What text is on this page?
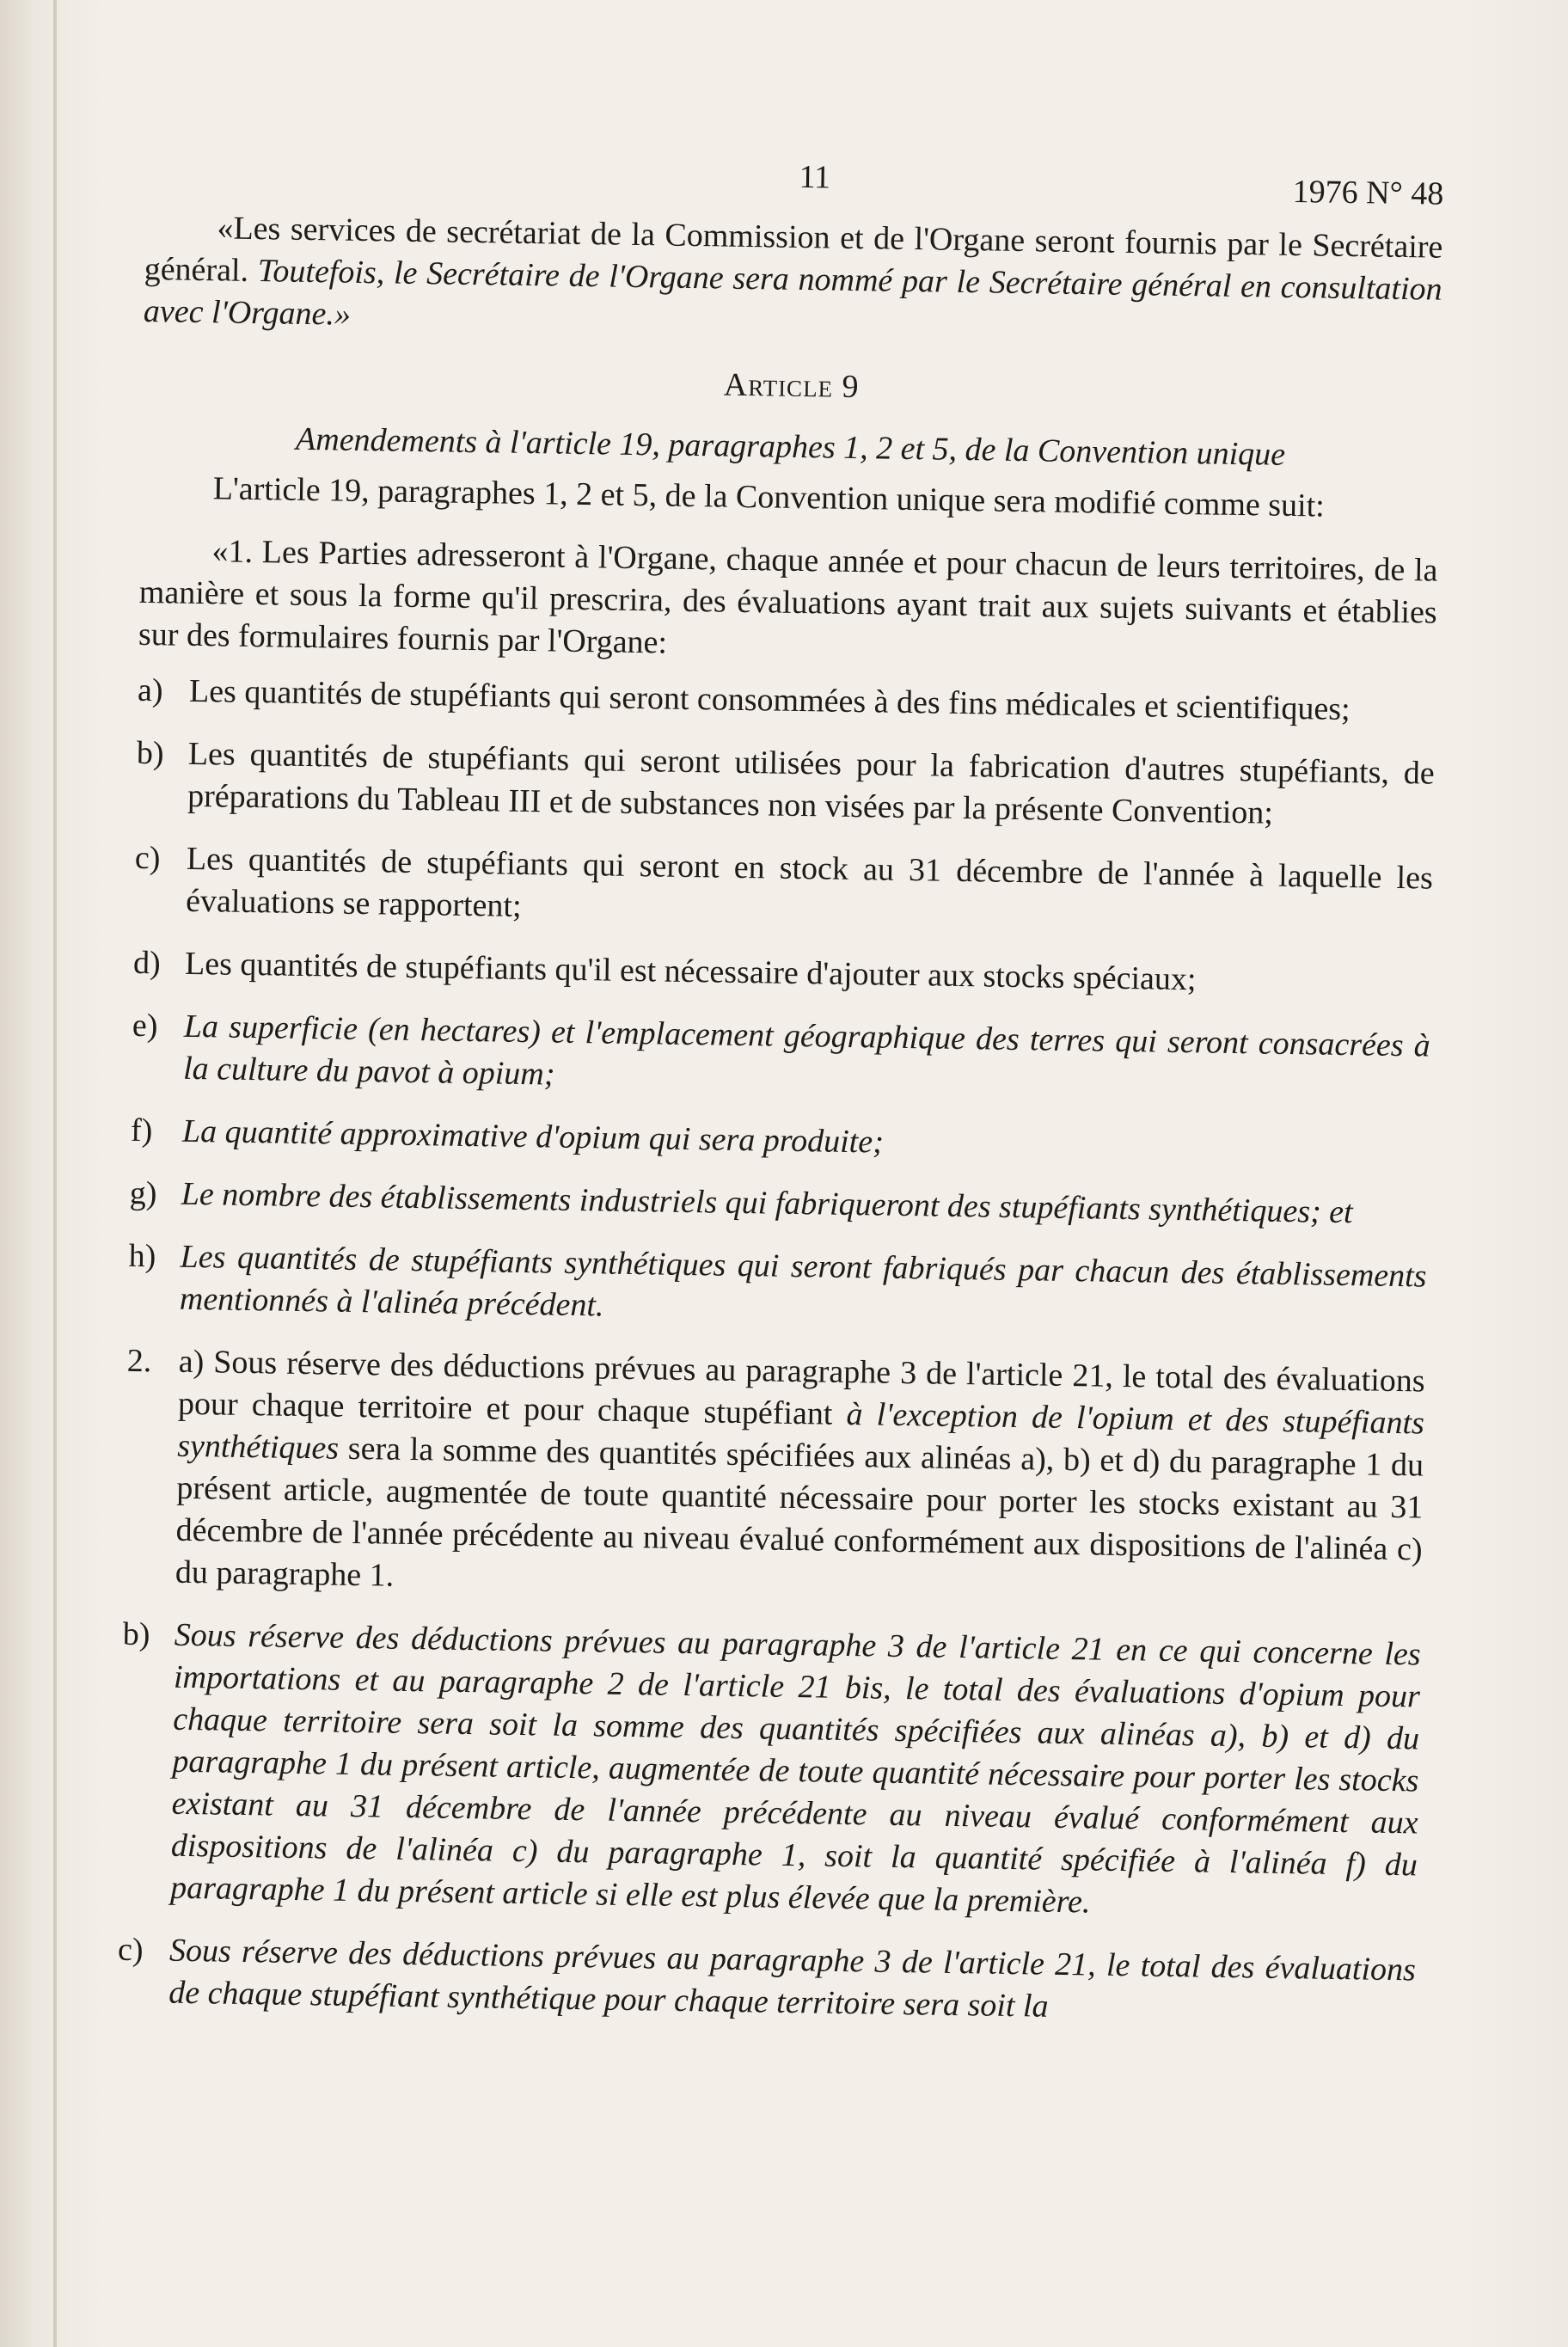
11	1976 N° 48

«Les services de secrétariat de la Commission et de l'Organe seront fournis par le Secrétaire général. Toutefois, le Secrétaire de l'Organe sera nommé par le Secrétaire général en consultation avec l'Organe.»

Article 9
Amendements à l'article 19, paragraphes 1, 2 et 5, de la Convention unique

L'article 19, paragraphes 1, 2 et 5, de la Convention unique sera modifié comme suit:

«1. Les Parties adresseront à l'Organe, chaque année et pour chacun de leurs territoires, de la manière et sous la forme qu'il prescrira, des évaluations ayant trait aux sujets suivants et établies sur des formulaires fournis par l'Organe:

a) Les quantités de stupéfiants qui seront consommées à des fins médicales et scientifiques;
b) Les quantités de stupéfiants qui seront utilisées pour la fabrication d'autres stupéfiants, de préparations du Tableau III et de substances non visées par la présente Convention;
c) Les quantités de stupéfiants qui seront en stock au 31 décembre de l'année à laquelle les évaluations se rapportent;
d) Les quantités de stupéfiants qu'il est nécessaire d'ajouter aux stocks spéciaux;
e) La superficie (en hectares) et l'emplacement géographique des terres qui seront consacrées à la culture du pavot à opium;
f) La quantité approximative d'opium qui sera produite;
g) Le nombre des établissements industriels qui fabriqueront des stupéfiants synthétiques; et
h) Les quantités de stupéfiants synthétiques qui seront fabriqués par chacun des établissements mentionnés à l'alinéa précédent.
2. a) Sous réserve des déductions prévues au paragraphe 3 de l'article 21, le total des évaluations pour chaque territoire et pour chaque stupéfiant à l'exception de l'opium et des stupéfiants synthétiques sera la somme des quantités spécifiées aux alinéas a), b) et d) du paragraphe 1 du présent article, augmentée de toute quantité nécessaire pour porter les stocks existant au 31 décembre de l'année précédente au niveau évalué conformément aux dispositions de l'alinéa c) du paragraphe 1.
b) Sous réserve des déductions prévues au paragraphe 3 de l'article 21 en ce qui concerne les importations et au paragraphe 2 de l'article 21 bis, le total des évaluations d'opium pour chaque territoire sera soit la somme des quantités spécifiées aux alinéas a), b) et d) du paragraphe 1 du présent article, augmentée de toute quantité nécessaire pour porter les stocks existant au 31 décembre de l'année précédente au niveau évalué conformément aux dispositions de l'alinéa c) du paragraphe 1, soit la quantité spécifiée à l'alinéa f) du paragraphe 1 du présent article si elle est plus élevée que la première.
c) Sous réserve des déductions prévues au paragraphe 3 de l'article 21, le total des évaluations de chaque stupéfiant synthétique pour chaque territoire sera soit la
